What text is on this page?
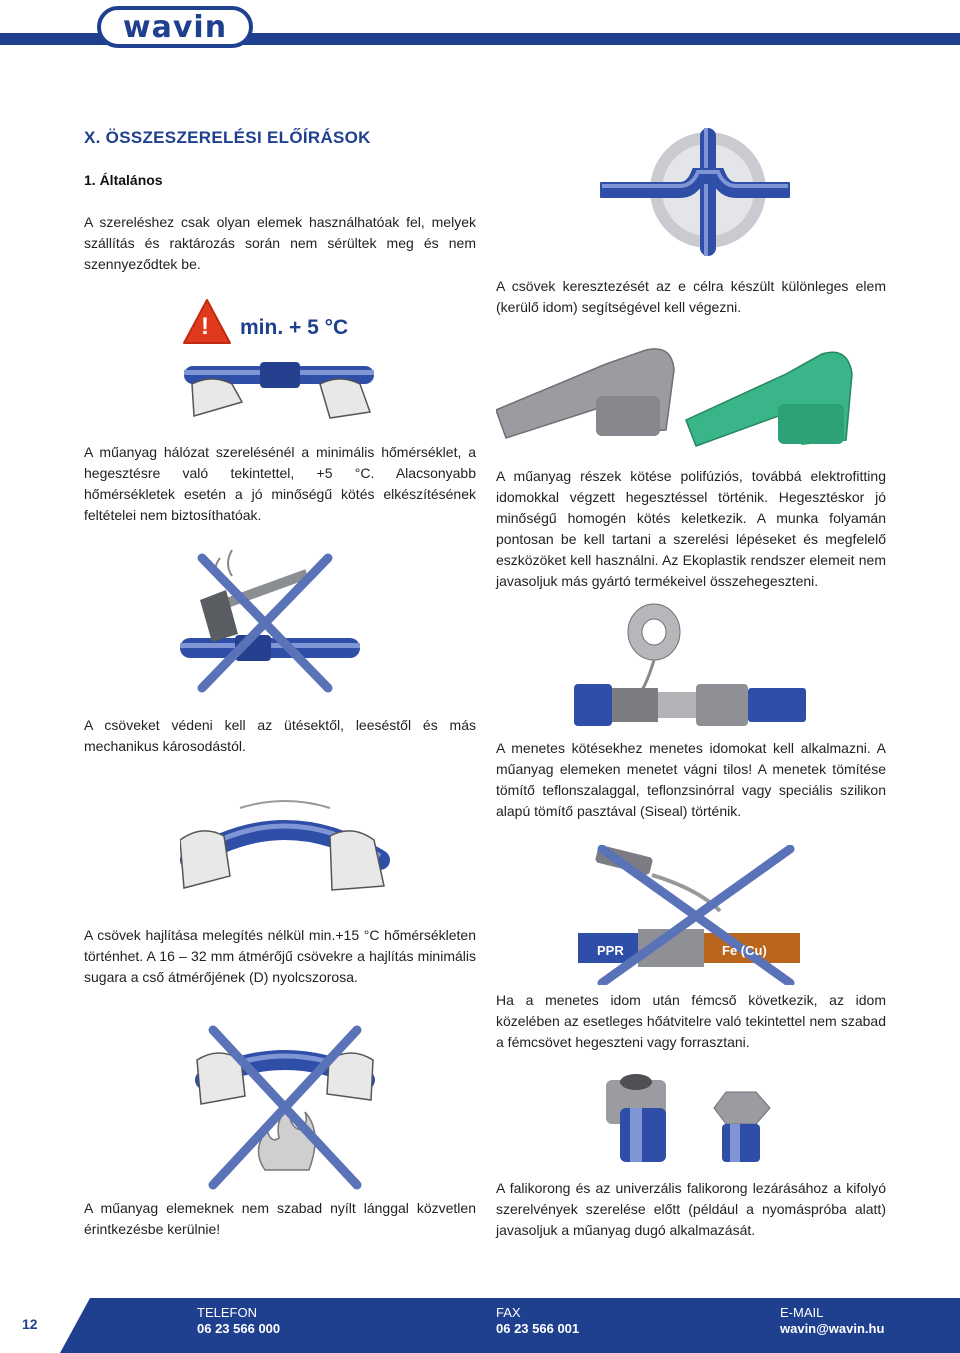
wavin
X. ÖSSZESZERELÉSI ELŐÍRÁSOK
1. Általános
A szereléshez csak olyan elemek használhatóak fel, melyek szállítás és raktározás során nem sérültek meg és nem szennyeződtek be.
! min. + 5 °C
A műanyag hálózat szerelésénél a minimális hőmérséklet, a hegesztésre való tekintettel, +5 °C. Alacsonyabb hőmérsékletek esetén a jó minőségű kötés elkészítésének feltételei nem biztosíthatóak.
A csöveket védeni kell az ütésektől, leeséstől és más mechanikus károsodástól.
A csövek hajlítása melegítés nélkül min.+15 °C hőmérsékleten történhet. A 16 – 32 mm átmérőjű csövekre a hajlítás minimális sugara a cső átmérőjének (D) nyolcszorosa.
A műanyag elemeknek nem szabad nyílt lánggal közvetlen érintkezésbe kerülnie!
A csövek keresztezését az e célra készült különleges elem (kerülő idom) segítségével kell végezni.
A műanyag részek kötése polifúziós, továbbá elektrofitting idomokkal végzett hegesztéssel történik. Hegesztéskor jó minőségű homogén kötés keletkezik. A munka folyamán pontosan be kell tartani a szerelési lépéseket és megfelelő eszközöket kell használni. Az Ekoplastik rendszer elemeit nem javasoljuk más gyártó termékeivel összehegeszteni.
A menetes kötésekhez menetes idomokat kell alkalmazni. A műanyag elemeken menetet vágni tilos! A menetek tömítése tömítő teflonszalaggal, teflonzsinórral vagy speciális szilikon alapú tömítő pasztával (Siseal) történik.
PPR	Fe (Cu)
Ha a menetes idom után fémcső következik, az idom közelében az esetleges hőátvitelre való tekintettel nem szabad a fémcsövet hegeszteni vagy forrasztani.
A falikorong és az univerzális falikorong lezárásához a kifolyó szerelvények szerelése előtt (például a nyomáspróba alatt) javasoljuk a műanyag dugó alkalmazását.
12
TELEFON
06 23 566 000
FAX
06 23 566 001
E-MAIL
wavin@wavin.hu
